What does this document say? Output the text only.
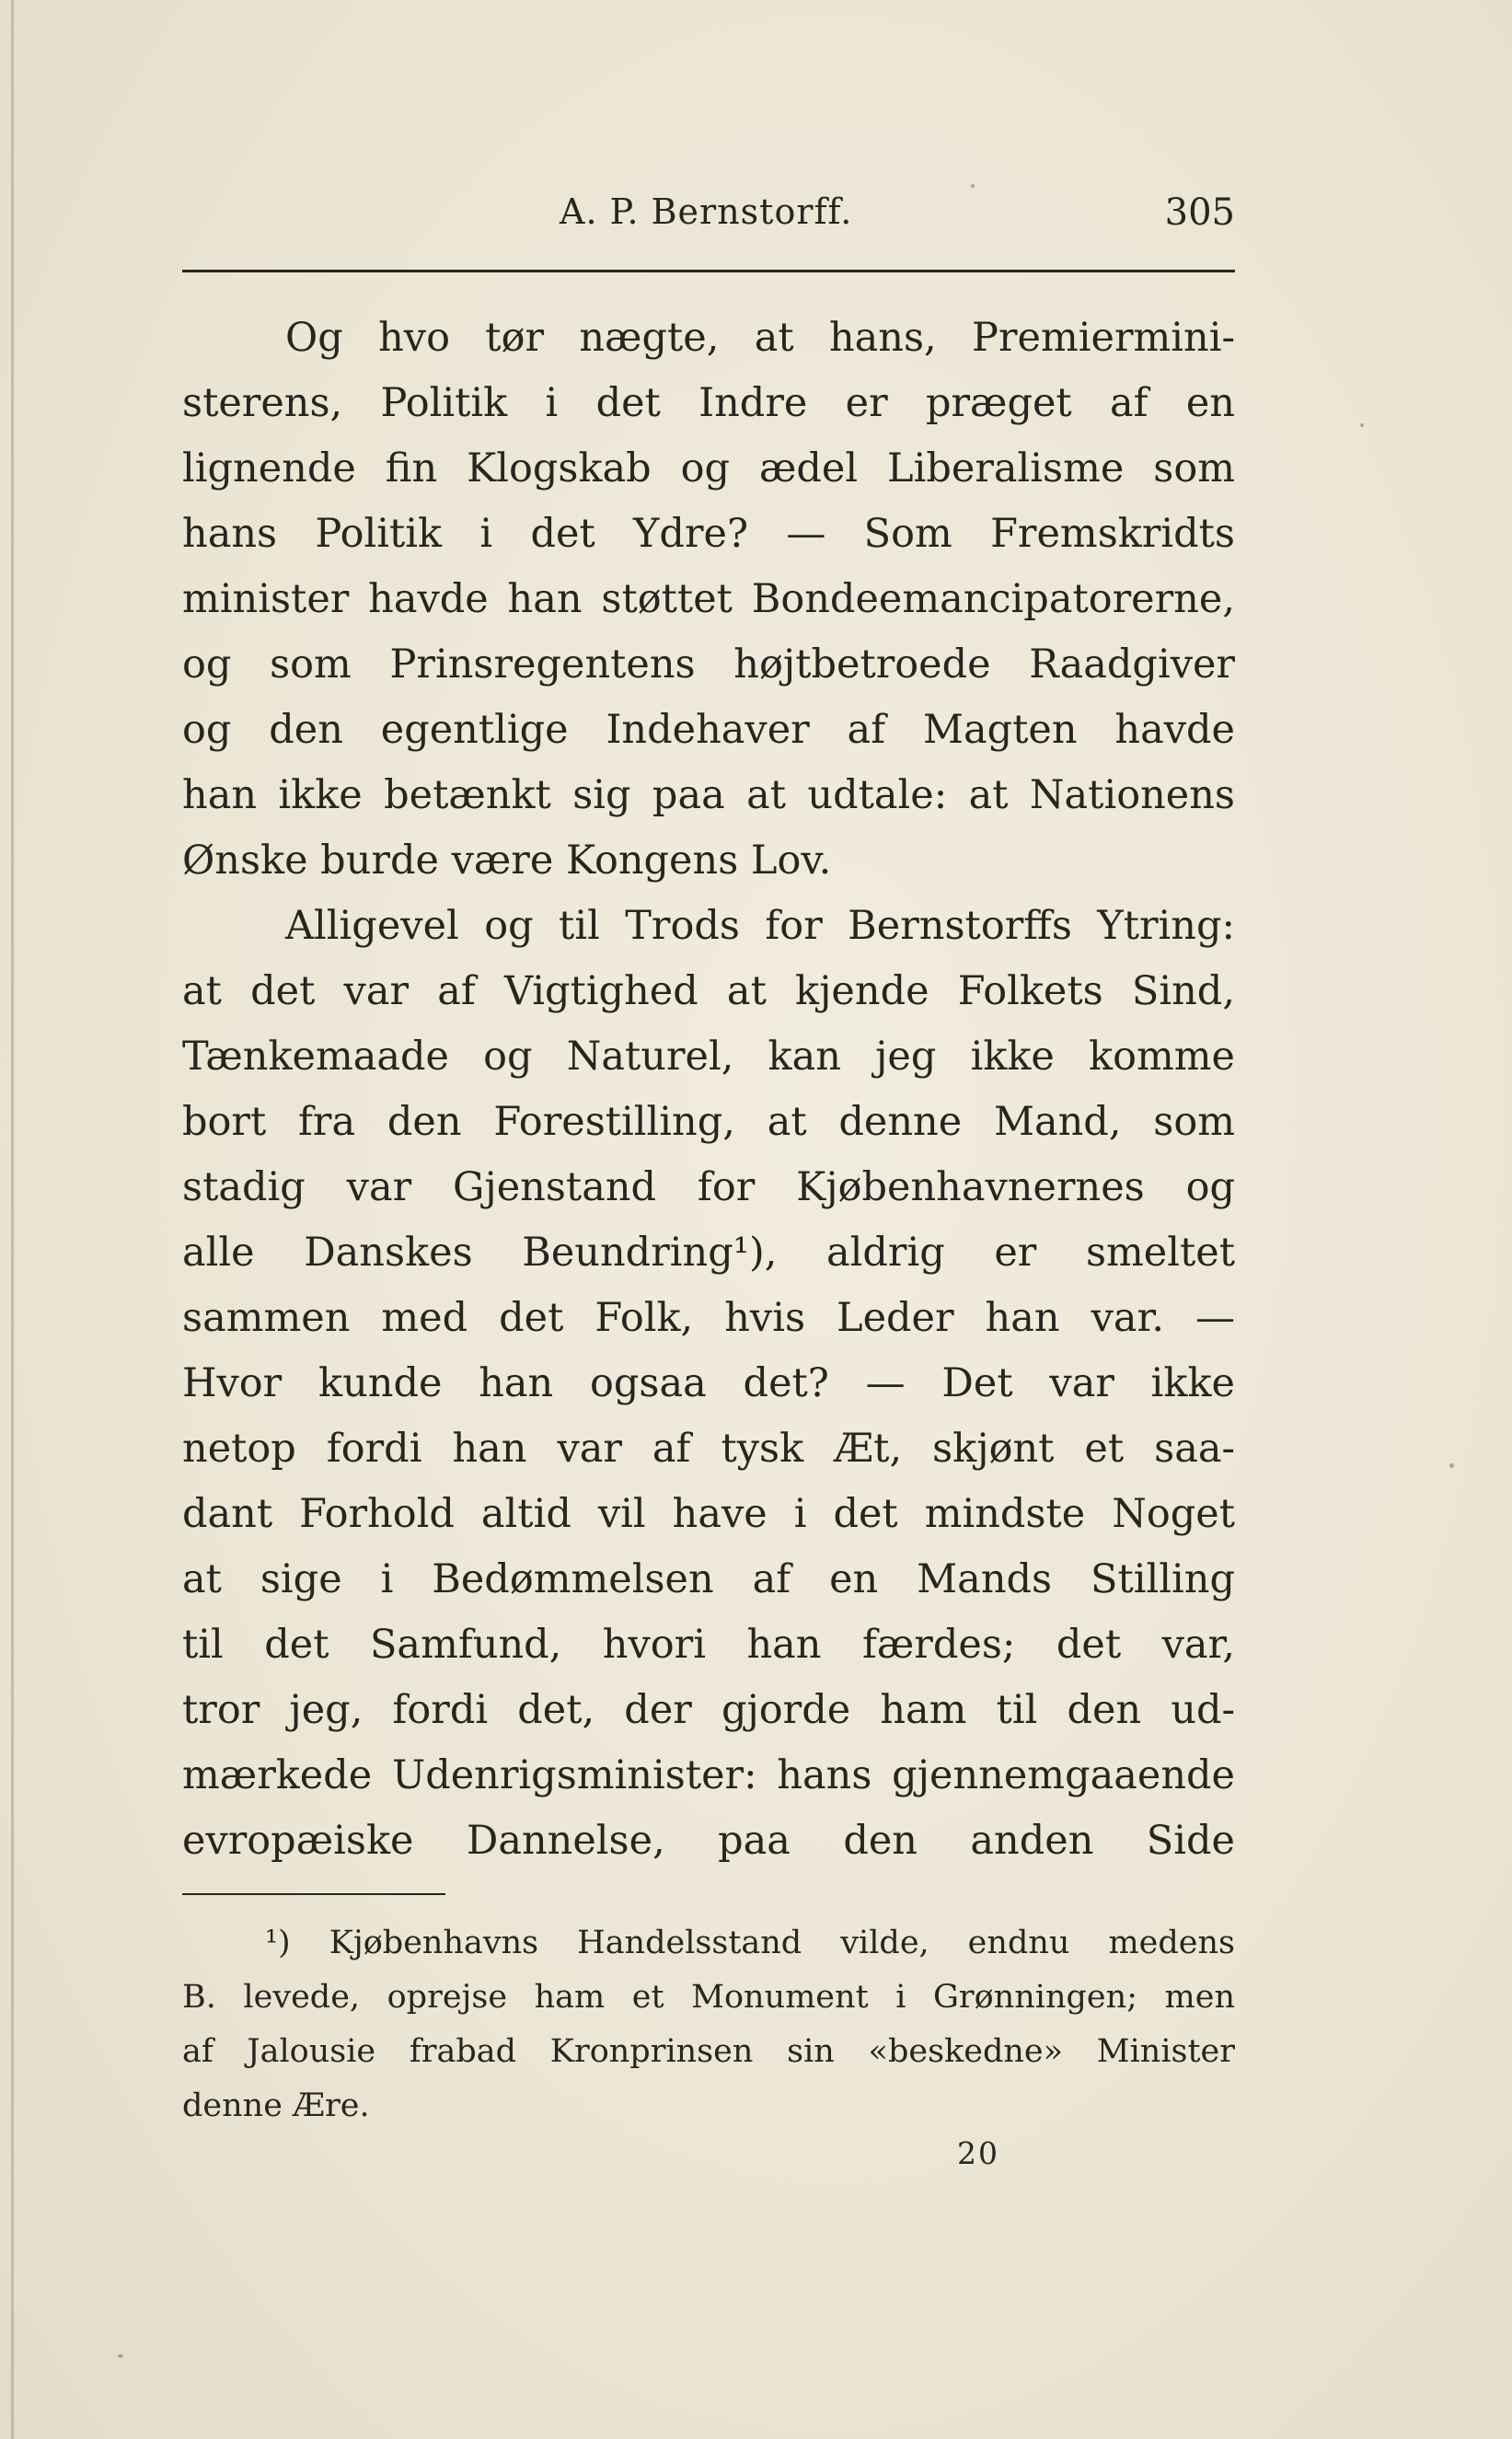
A. P. Bernstorff.	305
Og hvo tør nægte, at hans, Premiermini-
sterens, Politik i det Indre er præget af en
lignende fin Klogskab og ædel Liberalisme som
hans Politik i det Ydre? — Som Fremskridts
minister havde han støttet Bondeemancipatorerne,
og som Prinsregentens højtbetroede Raadgiver
og den egentlige Indehaver af Magten havde
han ikke betænkt sig paa at udtale: at Nationens
Ønske burde være Kongens Lov.
Alligevel og til Trods for Bernstorffs Ytring:
at det var af Vigtighed at kjende Folkets Sind,
Tænkemaade og Naturel, kan jeg ikke komme
bort fra den Forestilling, at denne Mand, som
stadig var Gjenstand for Kjøbenhavnernes og
alle Danskes Beundring¹), aldrig er smeltet
sammen med det Folk, hvis Leder han var. —
Hvor kunde han ogsaa det? — Det var ikke
netop fordi han var af tysk Æt, skjønt et saa-
dant Forhold altid vil have i det mindste Noget
at sige i Bedømmelsen af en Mands Stilling
til det Samfund, hvori han færdes; det var,
tror jeg, fordi det, der gjorde ham til den ud-
mærkede Udenrigsminister: hans gjennemgaaende
evropæiske Dannelse, paa den anden Side
¹) Kjøbenhavns Handelsstand vilde, endnu medens
B. levede, oprejse ham et Monument i Grønningen; men
af Jalousie frabad Kronprinsen sin «beskedne» Minister
denne Ære.
20
